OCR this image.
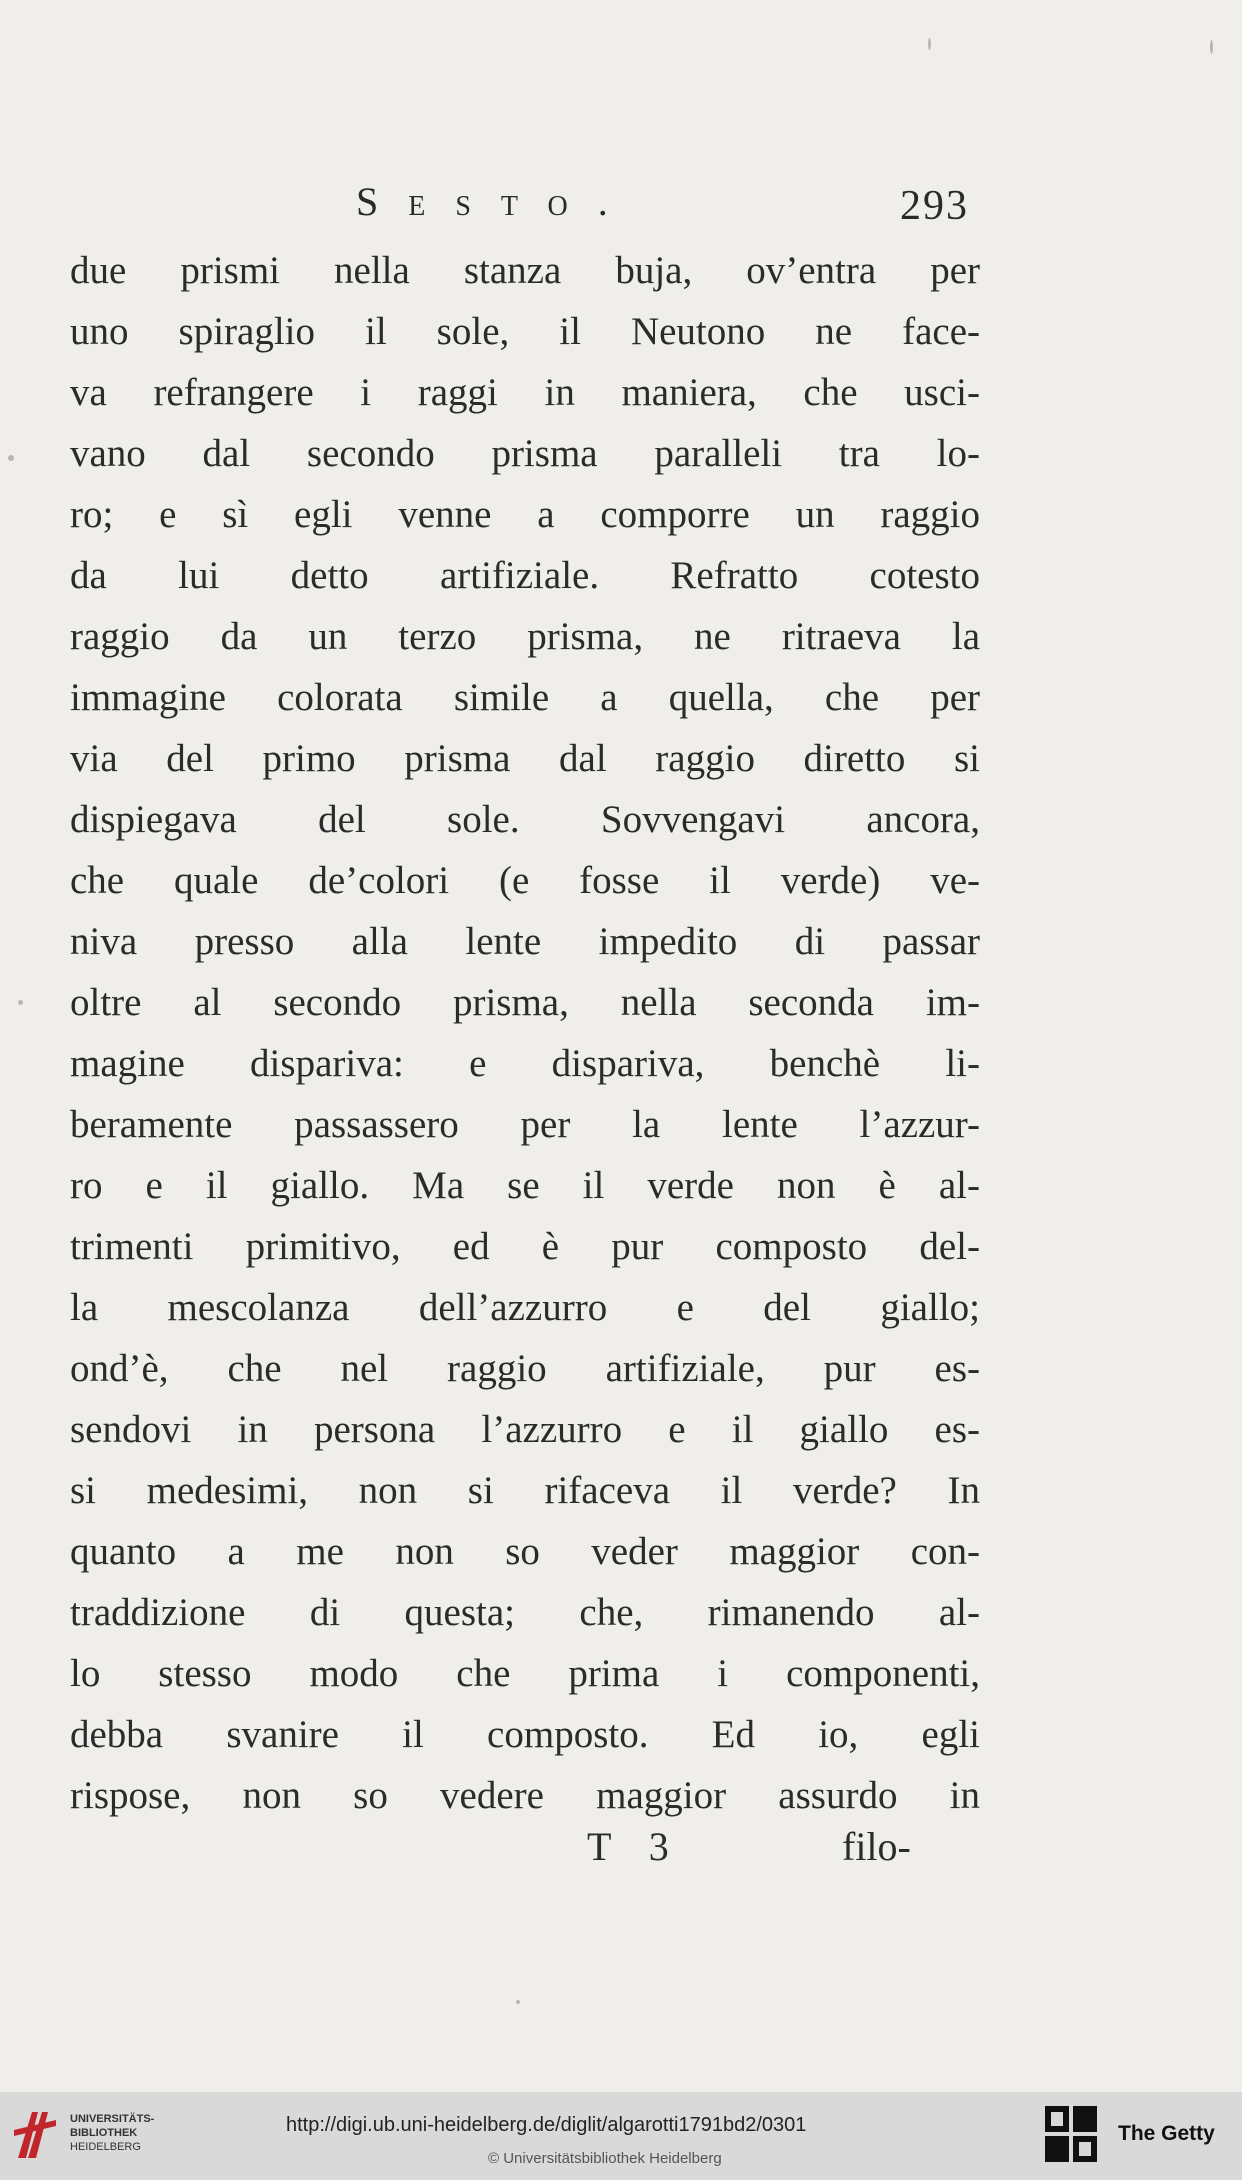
Sesto.	293
due prismi nella stanza buja, ov’entra per
uno spiraglio il sole, il Neutono ne face-
va refrangere i raggi in maniera, che usci-
vano dal secondo prisma paralleli tra lo-
ro; e sì egli venne a comporre un raggio
da lui detto artifiziale. Refratto cotesto
raggio da un terzo prisma, ne ritraeva la
immagine colorata simile a quella, che per
via del primo prisma dal raggio diretto si
dispiegava del sole. Sovvengavi ancora,
che quale de’colori (e fosse il verde) ve-
niva presso alla lente impedito di passar
oltre al secondo prisma, nella seconda im-
magine dispariva: e dispariva, benchè li-
beramente passassero per la lente l’azzur-
ro e il giallo. Ma se il verde non è al-
trimenti primitivo, ed è pur composto del-
la mescolanza dell’azzurro e del giallo;
ond’è, che nel raggio artifiziale, pur es-
sendovi in persona l’azzurro e il giallo es-
si medesimi, non si rifaceva il verde? In
quanto a me non so veder maggior con-
traddizione di questa; che, rimanendo al-
lo stesso modo che prima i componenti,
debba svanire il composto. Ed io, egli
rispose, non so vedere maggior assurdo in
T 3	filo-
UNIVERSITÄTS-
BIBLIOTHEK
HEIDELBERG
http://digi.ub.uni-heidelberg.de/diglit/algarotti1791bd2/0301
© Universitätsbibliothek Heidelberg
The Getty
